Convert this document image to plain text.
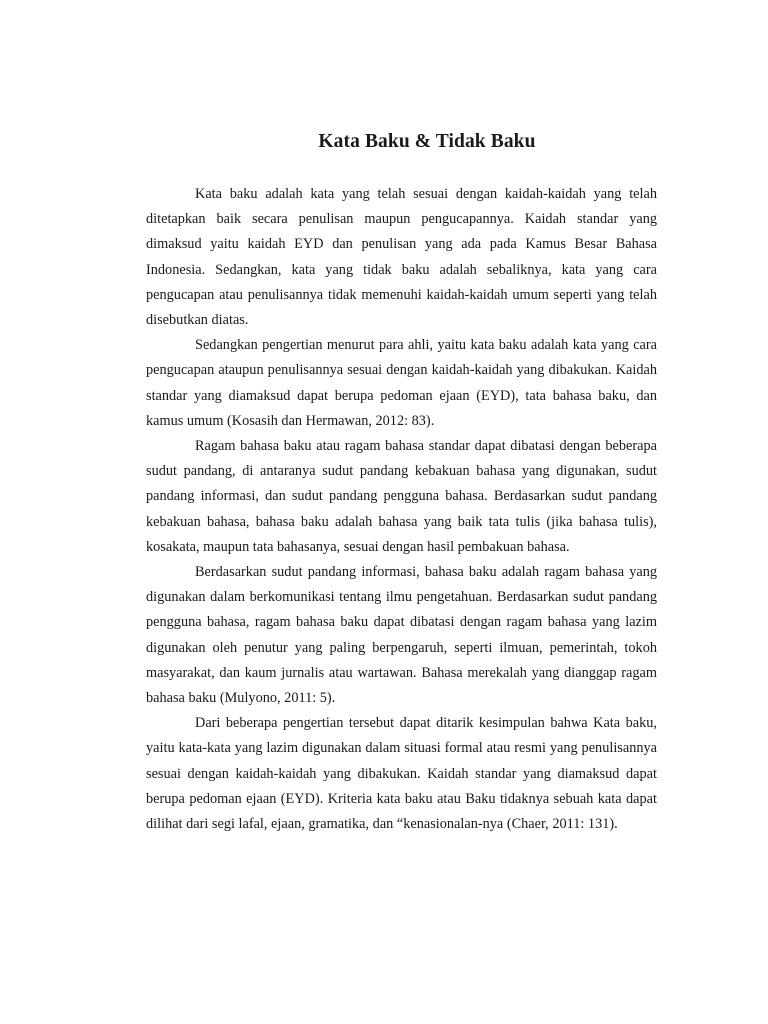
Kata Baku & Tidak Baku

Kata baku adalah kata yang telah sesuai dengan kaidah-kaidah yang telah ditetapkan baik secara penulisan maupun pengucapannya. Kaidah standar yang dimaksud yaitu kaidah EYD dan penulisan yang ada pada Kamus Besar Bahasa Indonesia. Sedangkan, kata yang tidak baku adalah sebaliknya, kata yang cara pengucapan atau penulisannya tidak memenuhi kaidah-kaidah umum seperti yang telah disebutkan diatas.

Sedangkan pengertian menurut para ahli, yaitu kata baku adalah kata yang cara pengucapan ataupun penulisannya sesuai dengan kaidah-kaidah yang dibakukan. Kaidah standar yang diamaksud dapat berupa pedoman ejaan (EYD), tata bahasa baku, dan kamus umum (Kosasih dan Hermawan, 2012: 83).

Ragam bahasa baku atau ragam bahasa standar dapat dibatasi dengan beberapa sudut pandang, di antaranya sudut pandang kebakuan bahasa yang digunakan, sudut pandang informasi, dan sudut pandang pengguna bahasa. Berdasarkan sudut pandang kebakuan bahasa, bahasa baku adalah bahasa yang baik tata tulis (jika bahasa tulis), kosakata, maupun tata bahasanya, sesuai dengan hasil pembakuan bahasa.

Berdasarkan sudut pandang informasi, bahasa baku adalah ragam bahasa yang digunakan dalam berkomunikasi tentang ilmu pengetahuan. Berdasarkan sudut pandang pengguna bahasa, ragam bahasa baku dapat dibatasi dengan ragam bahasa yang lazim digunakan oleh penutur yang paling berpengaruh, seperti ilmuan, pemerintah, tokoh masyarakat, dan kaum jurnalis atau wartawan. Bahasa merekalah yang dianggap ragam bahasa baku (Mulyono, 2011: 5).

Dari beberapa pengertian tersebut dapat ditarik kesimpulan bahwa Kata baku, yaitu kata-kata yang lazim digunakan dalam situasi formal atau resmi yang penulisannya sesuai dengan kaidah-kaidah yang dibakukan. Kaidah standar yang diamaksud dapat berupa pedoman ejaan (EYD). Kriteria kata baku atau Baku tidaknya sebuah kata dapat dilihat dari segi lafal, ejaan, gramatika, dan “kenasionalan-nya (Chaer, 2011: 131).
